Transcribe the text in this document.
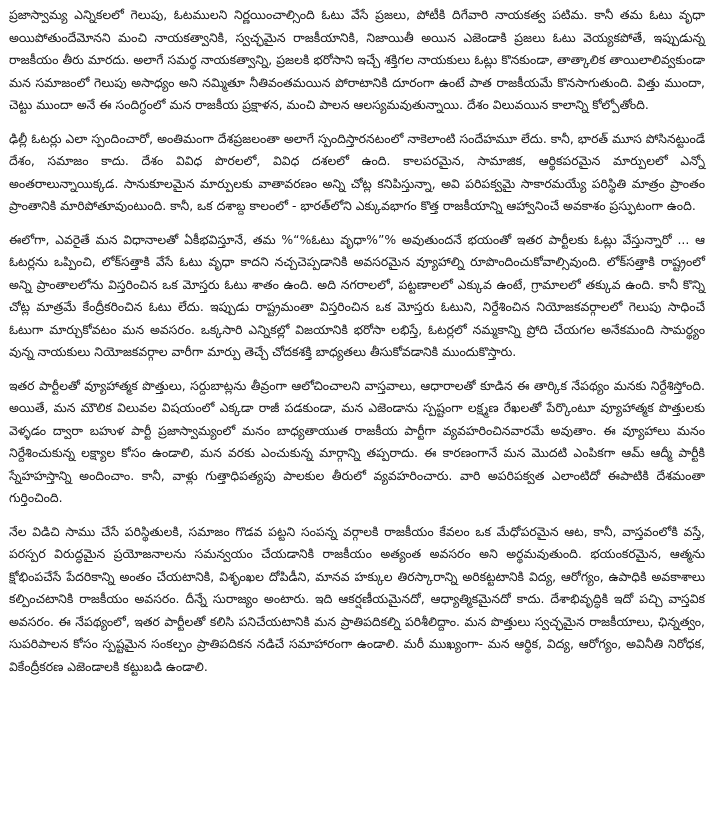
ప్రజాస్వామ్య ఎన్నికలలో గెలుపు, ఓటములని నిర్ణయించాల్సింది ఓటు వేసే ప్రజలు, పోటీకి దిగేవారి నాయకత్వ పటిమ. కానీ తమ ఓటు వృధా అయిపోతుందేమోనని మంచి నాయకత్వానికి, స్వచ్ఛమైన రాజకీయానికి, నిజాయితీ అయిన ఎజెండాకి ప్రజలు ఓటు వెయ్యకపోతే, ఇప్పుడున్న రాజకీయం తీరు మారదు. అలాగే సమర్థ నాయకత్వాన్ని, ప్రజలకి భరోసాని ఇచ్చే శక్తిగల నాయకులు ఓట్లు కొనకుండా, తాత్కాలిక తాయిలాలివ్వకుండా మన సమాజంలో గెలుపు అసాధ్యం అని నమ్మితూ నీతివంతమయిన పోరాటానికి దూరంగా ఉంటే పాత రాజకీయమే కొనసాగుతుంది. విత్తు ముందా, చెట్టు ముందా అనే ఈ సందిగ్ధంలో మన రాజకీయ ప్రక్షాళన, మంచి పాలన ఆలస్యమవుతున్నాయి. దేశం విలువయిన కాలాన్ని కోల్పోతోంది.

ఢిల్లీ ఓటర్లు ఎలా స్పందించారో, అంతిమంగా దేశప్రజలంతా అలాగే స్పందిస్తారనటంలో నాకెలాంటి సందేహమూ లేదు. కానీ, భారత్ మూస పోసినట్టుండే దేశం, సమాజం కాదు. దేశం వివిధ పొరలలో, వివిధ దశలలో ఉంది. కాలపరమైన, సామాజిక, ఆర్థికపరమైన మార్పులలో ఎన్నో అంతరాలున్నాయిక్కడ. సానుకూలమైన మార్పులకు వాతావరణం అన్ని చోట్ల కనిపిస్తున్నా, అవి పరిపక్వమై సాకారమయ్యే పరిస్థితి మాత్రం ప్రాంతం ప్రాంతానికి మారిపోతూవుంటుంది. కానీ, ఒక దశాబ్ద కాలంలో - భారత్‌లోని ఎక్కువభాగం కొత్త రాజకీయాన్ని ఆహ్వానించే అవకాశం ప్రస్ఫుటంగా ఉంది.

ఈలోగా, ఎవరైతే మన విధానాలతో ఏకీభవిస్తూనే, తమ %“%ఓటు వృధా%”% అవుతుందనే భయంతో ఇతర పార్టీలకు ఓట్లు వేస్తున్నారో ... ఆ ఓటర్లను ఒప్పించి, లోక్‌సత్తాకి వేసే ఓటు వృధా కాదని నచ్చచెప్పడానికి అవసరమైన వ్యూహాల్ని రూపొందించుకోవాల్సివుంది. లోక్‌సత్తాకి రాష్ట్రంలో అన్ని ప్రాంతాలలోను విస్తరించిన ఒక మోస్తరు ఓటు శాతం ఉంది. అది నగరాలలో, పట్టణాలలో ఎక్కువ ఉంటే, గ్రామాలలో తక్కువ ఉంది. కానీ కొన్ని చోట్ల మాత్రమే కేంద్రీకరించిన ఓటు లేదు. ఇప్పుడు రాష్ట్రమంతా విస్తరించిన ఒక మోస్తరు ఓటుని, నిర్దేశించిన నియోజకవర్గాలలో గెలుపు సాధించే ఓటుగా మార్చుకోవటం మన అవసరం. ఒక్కసారి ఎన్నికల్లో విజయానికి భరోసా లభిస్తే, ఓటర్లలో నమ్మకాన్ని ప్రోది చేయగల అనేకమంది సామర్థ్యం వున్న నాయకులు నియోజకవర్గాల వారీగా మార్పు తెచ్చే చోదకశక్తి బాధ్యతలు తీసుకోవడానికి ముందుకొస్తారు.

ఇతర పార్టీలతో వ్యూహాత్మక పొత్తులు, సర్దుబాట్లను తీవ్రంగా ఆలోచించాలని వాస్తవాలు, ఆధారాలతో కూడిన ఈ తార్కిక నేపథ్యం మనకు నిర్దేశిస్తోంది. అయితే, మన మౌలిక విలువల విషయంలో ఎక్కడా రాజీ పడకుండా, మన ఎజెండాను స్పష్టంగా లక్ష్మణ రేఖలతో పేర్కొంటూ వ్యూహాత్మక పొత్తులకు వెళ్ళడం ద్వారా బహుళ పార్టీ ప్రజాస్వామ్యంలో మనం బాధ్యతాయుత రాజకీయ పార్టీగా వ్యవహరించినవారమే అవుతాం. ఈ వ్యూహాలు మనం నిర్దేశించుకున్న లక్ష్యాల కోసం ఉండాలి, మన వరకు ఎంచుకున్న మార్గాన్ని తప్పరాదు. ఈ కారణంగానే మన మొదటి ఎంపికగా ఆమ్ ఆద్మీ పార్టీకి స్నేహహస్తాన్ని అందించాం. కానీ, వాళ్లు గుత్తాధిపత్యపు పాలకుల తీరులో వ్యవహరించారు. వారి అపరిపక్వత ఎలాంటిదో ఈపాటికి దేశమంతా గుర్తించింది.

నేల విడిచి సాము చేసే పరిస్థితులకి, సమాజం గొడవ పట్టని సంపన్న వర్గాలకి రాజకీయం కేవలం ఒక మేధోపరమైన ఆట, కానీ, వాస్తవంలోకి వస్తే, పరస్పర విరుద్ధమైన ప్రయోజనాలను సమన్వయం చేయడానికి రాజకీయం అత్యంత అవసరం అని అర్థమవుతుంది. భయంకరమైన, ఆత్మను క్షోభింపచేసే పేదరికాన్ని అంతం చేయటానికి, విశృంఖల దోపిడీని, మానవ హక్కుల తిరస్కారాన్ని అరికట్టటానికి విద్య, ఆరోగ్యం, ఉపాధికి అవకాశాలు కల్పించటానికి రాజకీయం అవసరం. దీన్నే సురాజ్యం అంటారు. ఇది ఆకర్షణీయమైనదో, ఆధ్యాత్మికమైనదో కాదు. దేశాభివృద్ధికి ఇదో పచ్చి వాస్తవిక అవసరం. ఈ నేపథ్యంలో, ఇతర పార్టీలతో కలిసి పనిచేయటానికి మన ప్రాతిపదికల్ని పరిశీలిద్దాం. మన పొత్తులు స్వచ్ఛమైన రాజకీయాలు, ఛిన్నత్వం, సుపరిపాలన కోసం స్పష్టమైన సంకల్పం ప్రాతిపదికన నడిచే సమాహారంగా ఉండాలి. మరీ ముఖ్యంగా- మన ఆర్థిక, విద్య, ఆరోగ్యం, అవినీతి నిరోధక, వికేంద్రీకరణ ఎజెండాలకి కట్టుబడి ఉండాలి.
